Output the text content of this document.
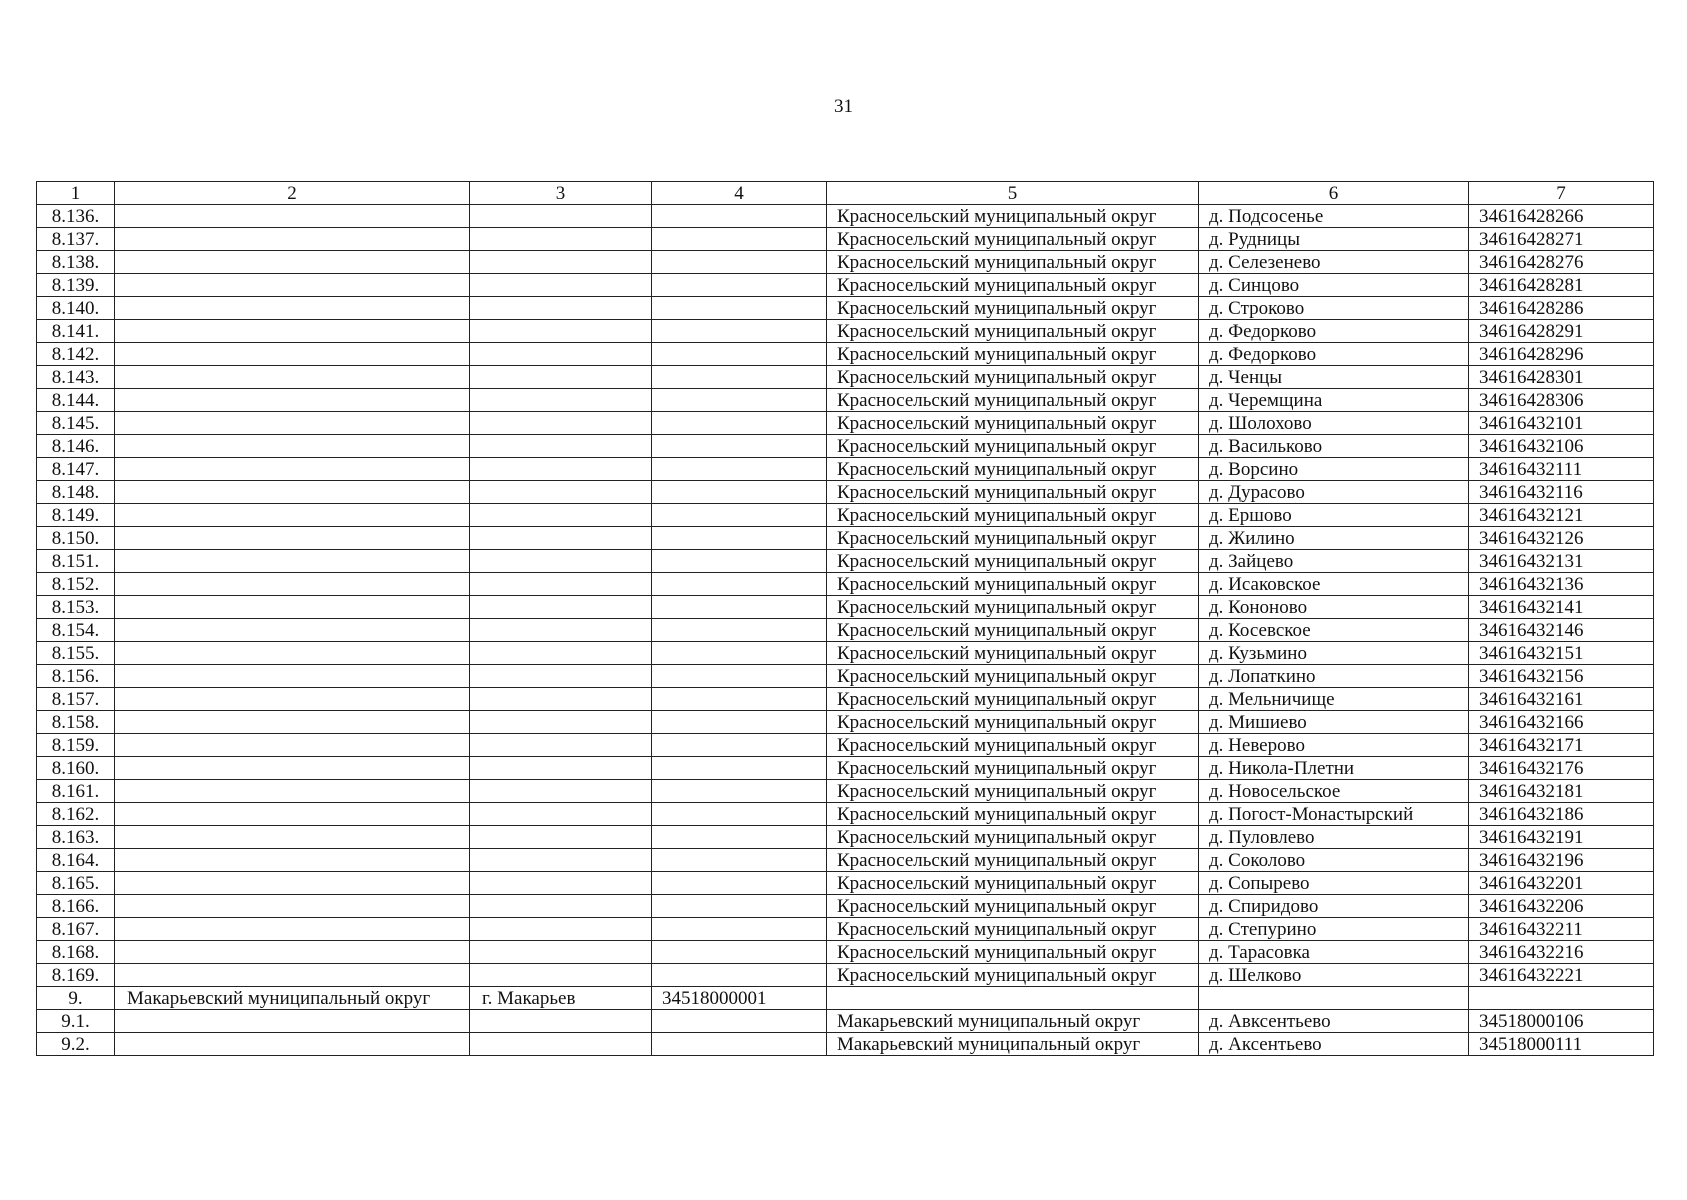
31
1	2	3	4	5	6	7
8.136.				Красносельский муниципальный округ	д. Подсосенье	34616428266
8.137.				Красносельский муниципальный округ	д. Рудницы	34616428271
8.138.				Красносельский муниципальный округ	д. Селезенево	34616428276
8.139.				Красносельский муниципальный округ	д. Синцово	34616428281
8.140.				Красносельский муниципальный округ	д. Строково	34616428286
8.141.				Красносельский муниципальный округ	д. Федорково	34616428291
8.142.				Красносельский муниципальный округ	д. Федорково	34616428296
8.143.				Красносельский муниципальный округ	д. Ченцы	34616428301
8.144.				Красносельский муниципальный округ	д. Черемщина	34616428306
8.145.				Красносельский муниципальный округ	д. Шолохово	34616432101
8.146.				Красносельский муниципальный округ	д. Васильково	34616432106
8.147.				Красносельский муниципальный округ	д. Ворсино	34616432111
8.148.				Красносельский муниципальный округ	д. Дурасово	34616432116
8.149.				Красносельский муниципальный округ	д. Ершово	34616432121
8.150.				Красносельский муниципальный округ	д. Жилино	34616432126
8.151.				Красносельский муниципальный округ	д. Зайцево	34616432131
8.152.				Красносельский муниципальный округ	д. Исаковское	34616432136
8.153.				Красносельский муниципальный округ	д. Кононово	34616432141
8.154.				Красносельский муниципальный округ	д. Косевское	34616432146
8.155.				Красносельский муниципальный округ	д. Кузьмино	34616432151
8.156.				Красносельский муниципальный округ	д. Лопаткино	34616432156
8.157.				Красносельский муниципальный округ	д. Мельничище	34616432161
8.158.				Красносельский муниципальный округ	д. Мишиево	34616432166
8.159.				Красносельский муниципальный округ	д. Неверово	34616432171
8.160.				Красносельский муниципальный округ	д. Никола-Плетни	34616432176
8.161.				Красносельский муниципальный округ	д. Новосельское	34616432181
8.162.				Красносельский муниципальный округ	д. Погост-Монастырский	34616432186
8.163.				Красносельский муниципальный округ	д. Пуловлево	34616432191
8.164.				Красносельский муниципальный округ	д. Соколово	34616432196
8.165.				Красносельский муниципальный округ	д. Сопырево	34616432201
8.166.				Красносельский муниципальный округ	д. Спиридово	34616432206
8.167.				Красносельский муниципальный округ	д. Степурино	34616432211
8.168.				Красносельский муниципальный округ	д. Тарасовка	34616432216
8.169.				Красносельский муниципальный округ	д. Шелково	34616432221
9.	Макарьевский муниципальный округ	г. Макарьев	34518000001			
9.1.				Макарьевский муниципальный округ	д. Авксентьево	34518000106
9.2.				Макарьевский муниципальный округ	д. Аксентьево	34518000111
